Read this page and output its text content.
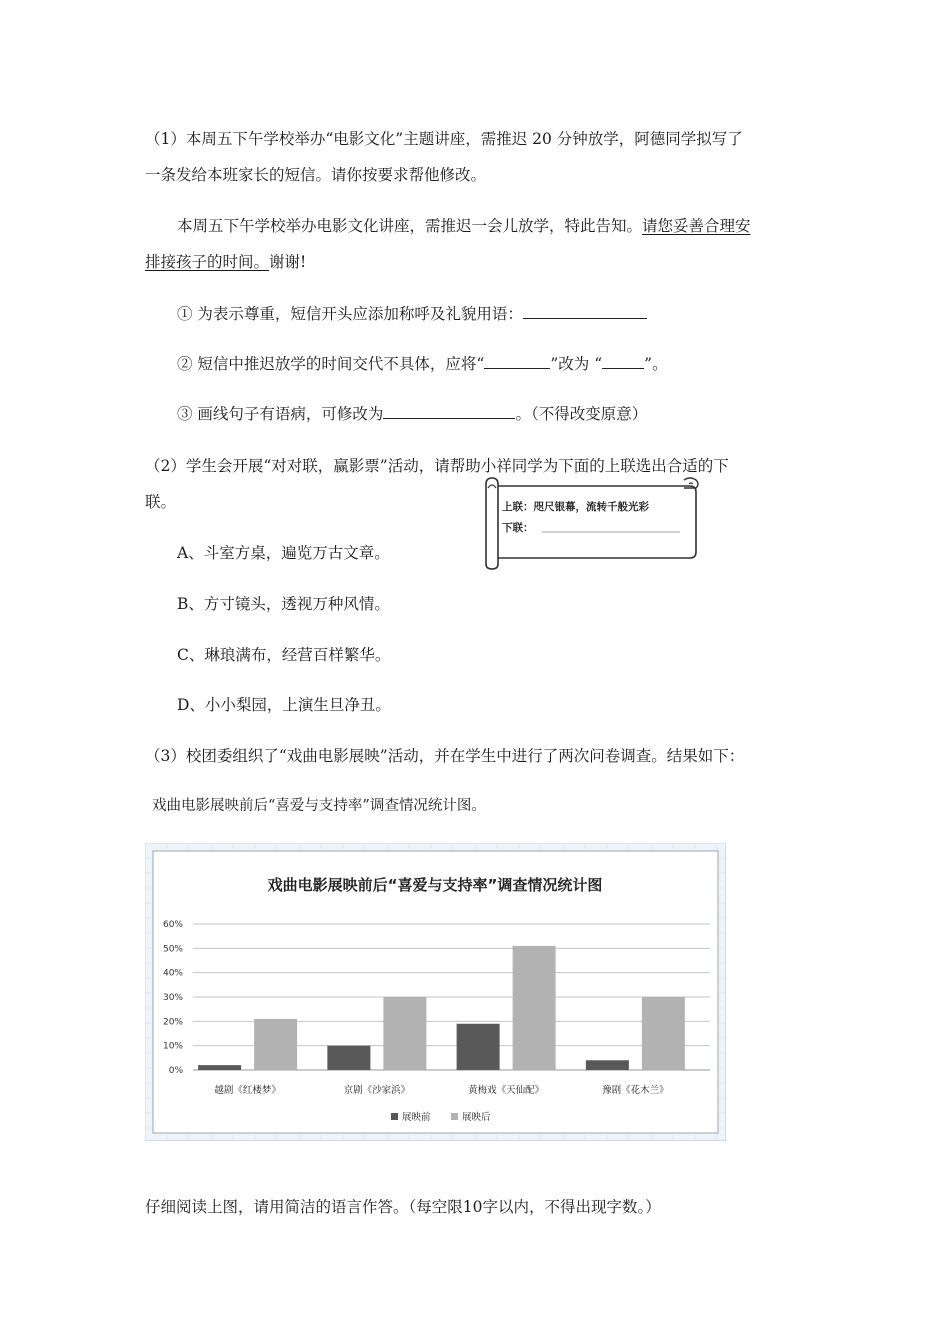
（1）本周五下午学校举办“电影文化”主题讲座，需推迟 20 分钟放学，阿德同学拟写了
一条发给本班家长的短信。请你按要求帮他修改。
本周五下午学校举办电影文化讲座，需推迟一会儿放学，特此告知。请您妥善合理安
排接孩子的时间。谢谢!
① 为表示尊重，短信开头应添加称呼及礼貌用语：
② 短信中推迟放学的时间交代不具体，应将“	”改为 “	”。
③ 画线句子有语病，可修改为	。（不得改变原意）
（2）学生会开展“对对联，赢影票”活动，请帮助小祥同学为下面的上联选出合适的下
联。	上联：咫尺银幕，流转千般光彩
下联：
A、斗室方桌，遍览万古文章。
B、方寸镜头，透视万种风情。
C、琳琅满布，经营百样繁华。
D、小小梨园，上演生旦净丑。
（3）校团委组织了“戏曲电影展映”活动，并在学生中进行了两次问卷调查。结果如下：
戏曲电影展映前后“喜爱与支持率”调查情况统计图。
戏曲电影展映前后“喜爱与支持率”调查情况统计图
0%
10%
20%
30%
40%
50%
60%
越剧《红楼梦》	京剧《沙家浜》	黄梅戏《天仙配》	豫剧《花木兰》
展映前	展映后
仔细阅读上图，请用简洁的语言作答。（每空限10字以内，不得出现字数。）
